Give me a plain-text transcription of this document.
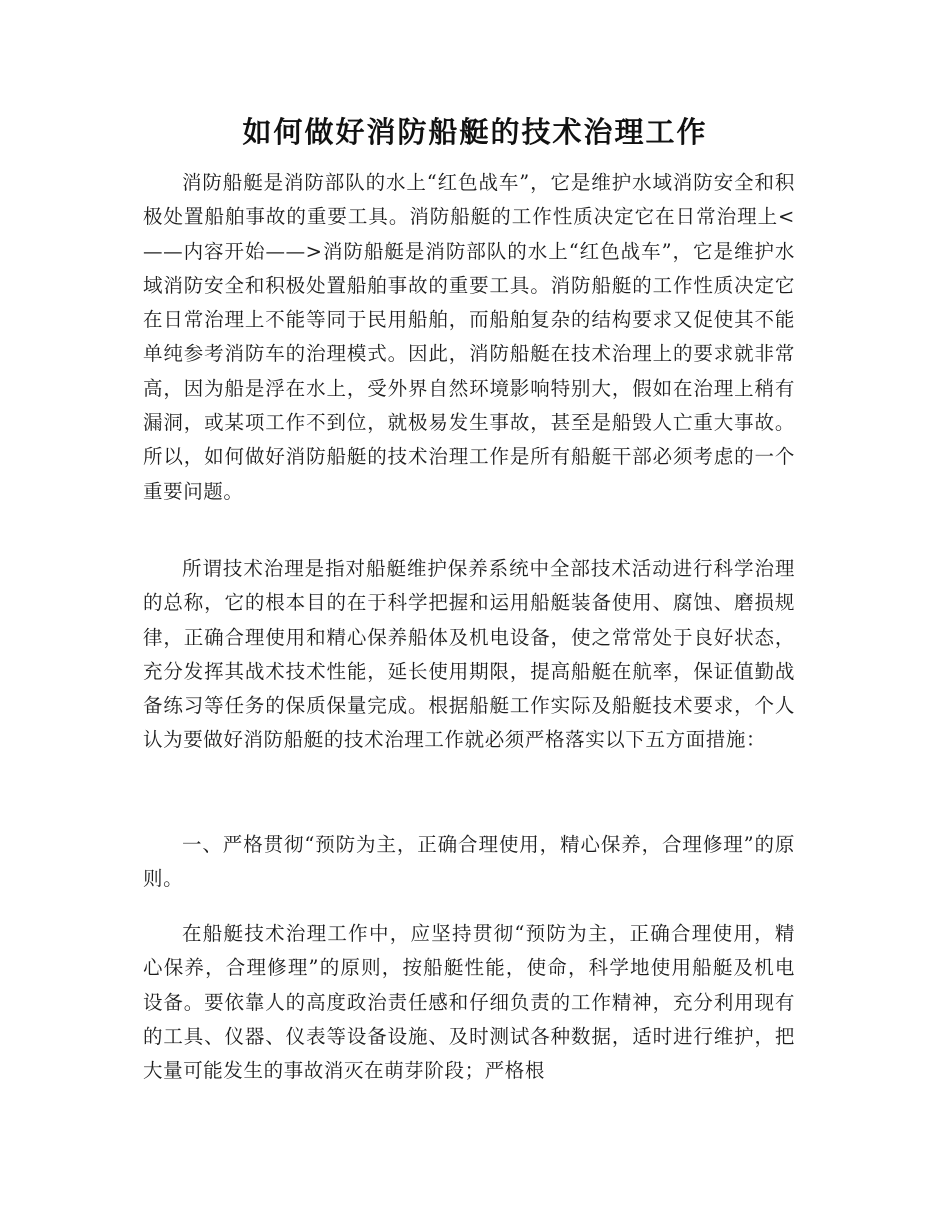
如何做好消防船艇的技术治理工作

消防船艇是消防部队的水上“红色战车”，它是维护水域消防安全和积极处置船舶事故的重要工具。消防船艇的工作性质决定它在日常治理上<——内容开始——>消防船艇是消防部队的水上“红色战车”，它是维护水域消防安全和积极处置船舶事故的重要工具。消防船艇的工作性质决定它在日常治理上不能等同于民用船舶，而船舶复杂的结构要求又促使其不能单纯参考消防车的治理模式。因此，消防船艇在技术治理上的要求就非常高，因为船是浮在水上，受外界自然环境影响特别大，假如在治理上稍有漏洞，或某项工作不到位，就极易发生事故，甚至是船毁人亡重大事故。所以，如何做好消防船艇的技术治理工作是所有船艇干部必须考虑的一个重要问题。

所谓技术治理是指对船艇维护保养系统中全部技术活动进行科学治理的总称，它的根本目的在于科学把握和运用船艇装备使用、腐蚀、磨损规律，正确合理使用和精心保养船体及机电设备，使之常常处于良好状态，充分发挥其战术技术性能，延长使用期限，提高船艇在航率，保证值勤战备练习等任务的保质保量完成。根据船艇工作实际及船艇技术要求，个人认为要做好消防船艇的技术治理工作就必须严格落实以下五方面措施：

一、严格贯彻“预防为主，正确合理使用，精心保养，合理修理”的原则。

在船艇技术治理工作中，应坚持贯彻“预防为主，正确合理使用，精心保养，合理修理”的原则，按船艇性能，使命，科学地使用船艇及机电设备。要依靠人的高度政治责任感和仔细负责的工作精神，充分利用现有的工具、仪器、仪表等设备设施、及时测试各种数据，适时进行维护，把大量可能发生的事故消灭在萌芽阶段；严格根
